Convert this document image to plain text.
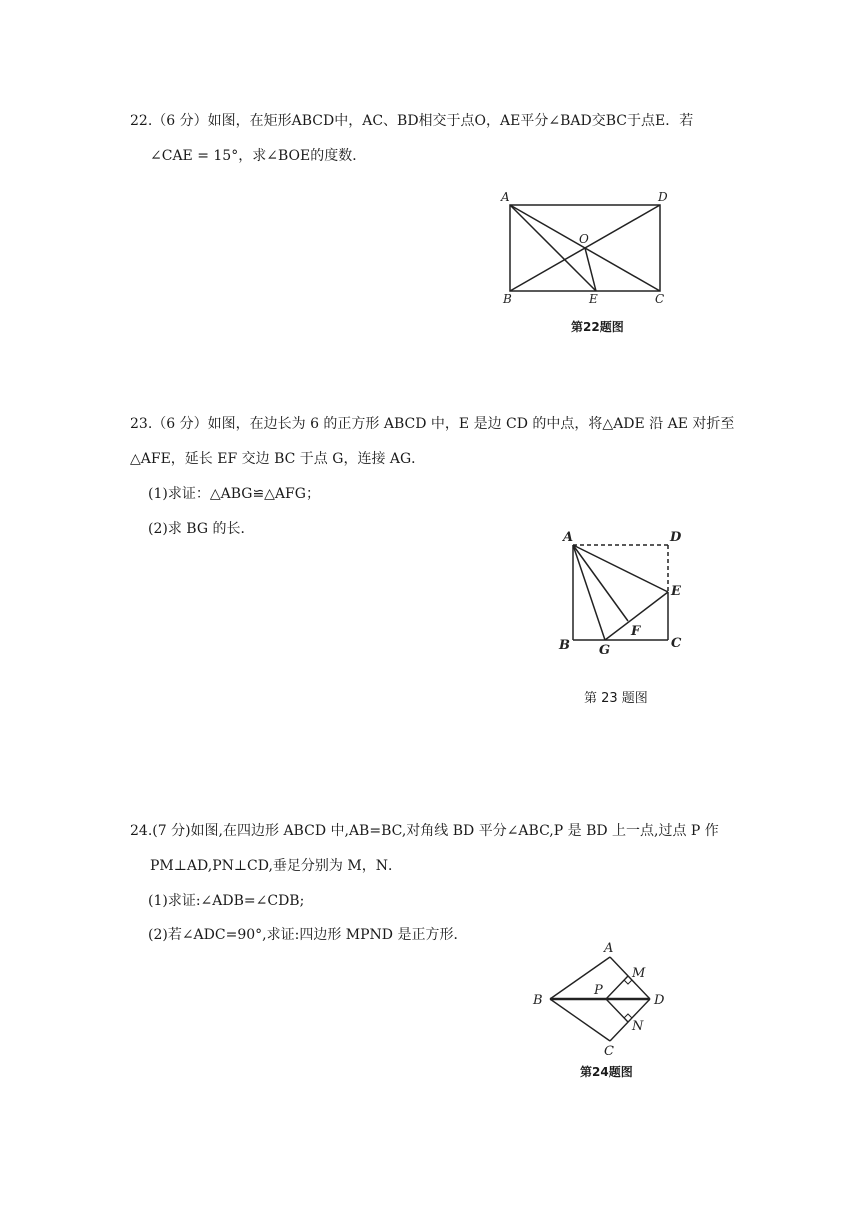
22.（6 分）如图，在矩形ABCD中，AC、BD相交于点O，AE平分∠BAD交BC于点E．若
∠CAE = 15°，求∠BOE的度数．
A	D
O
B	E	C
第22题图
23.（6 分）如图，在边长为 6 的正方形 ABCD 中，E 是边 CD 的中点，将△ADE 沿 AE 对折至
△AFE，延长 EF 交边 BC 于点 G，连接 AG．
(1)求证：△ABG≌△AFG；
(2)求 BG 的长．
A	D
E
F
B G	C
第 23 题图
24.(7 分)如图,在四边形 ABCD 中,AB=BC,对角线 BD 平分∠ABC,P 是 BD 上一点,过点 P 作
PM⊥AD,PN⊥CD,垂足分别为 M，N．
(1)求证:∠ADB=∠CDB;
(2)若∠ADC=90°,求证:四边形 MPND 是正方形．
A
B
P
D
M
N
C
第24题图
